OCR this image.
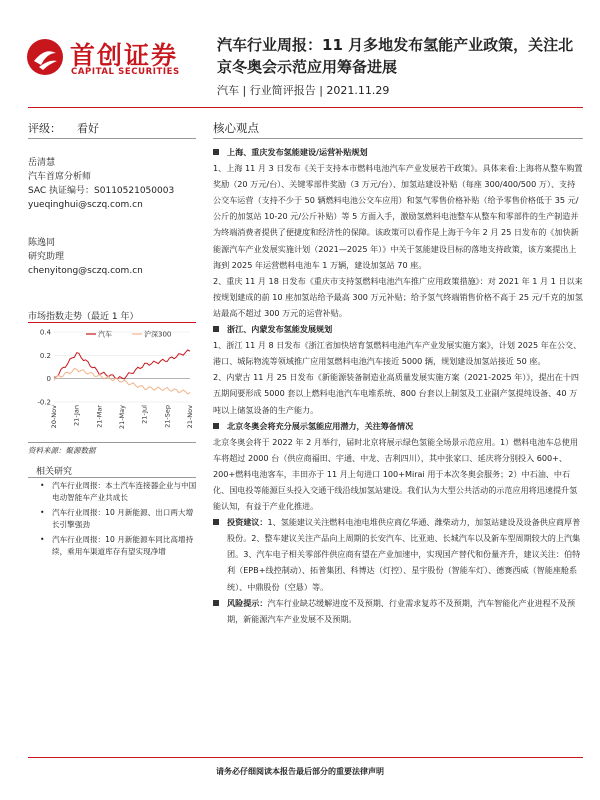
首创证券
CAPITAL SECURITIES
汽车行业周报：11 月多地发布氢能产业政策，关注北京冬奥会示范应用筹备进展
汽车 | 行业简评报告 | 2021.11.29
评级： 看好	核心观点
岳清慧
汽车首席分析师
SAC 执证编号：S0110521050003
yueqinghui@sczq.com.cn
陈逸同
研究助理
chenyitong@sczq.com.cn
市场指数走势（最近 1 年）
0.4
0.2
0
-0.2
20-Nov 21-Jan 21-Mar 21-May 21-Jul 21-Sep 21-Nov
汽车	沪深300
资料来源：聚源数据
相关研究
• 汽车行业周报：本土汽车连接器企业与中国电动智能车产业共成长
• 汽车行业周报：10 月新能源、出口两大增长引擎强劲
• 汽车行业周报：10 月新能源车同比高增持续，乘用车渠道库存有望实现净增
上海、重庆发布氢能建设/运营补贴规划
1、上海 11 月 3 日发布《关于支持本市燃料电池汽车产业发展若干政策》。具体来看:上海将从整车购置奖励（20 万元/台）、关键零部件奖励（3 万元/台）、加氢站建设补贴（每座 300/400/500 万）、支持公交车运营（支持不少于 50 辆燃料电池公交车应用）和氢气零售价格补贴（给予零售价格低于 35 元/公斤的加氢站 10-20 元/公斤补贴）等 5 方面入手，激励氢燃料电池整车从整车和零部件的生产制造并为终端消费者提供了便捷度和经济性的保障。该政策可以看作是上海于今年 2 月 25 日发布的《加快新能源汽车产业发展实施计划（2021—2025 年）》中关于氢能建设目标的落地支持政策，该方案提出上海到 2025 年运营燃料电池车 1 万辆，建设加氢站 70 座。
2、重庆 11 月 18 日发布《重庆市支持氢燃料电池汽车推广应用政策措施》：对 2021 年 1 月 1 日以来按规划建成的前 10 座加氢站给予最高 300 万元补贴；给予氢气终端销售价格不高于 25 元/千克的加氢站最高不超过 300 万元的运营补贴。
浙江、内蒙发布氢能发展规划
1、浙江 11 月 8 日发布《浙江省加快培育氢燃料电池汽车产业发展实施方案》，计划 2025 年在公交、港口、城际物流等领域推广应用氢燃料电池汽车接近 5000 辆，规划建设加氢站接近 50 座。
2、内蒙古 11 月 25 日发布《新能源装备制造业高质量发展实施方案（2021-2025 年）》，提出在十四五期间要形成 5000 套以上燃料电池汽车电堆系统、800 台套以上制氢及工业副产氢提纯设备、40 万吨以上储氢设备的生产能力。
北京冬奥会将充分展示氢能应用潜力，关注筹备情况
北京冬奥会将于 2022 年 2 月举行，届时北京将展示绿色氢能全场景示范应用。1）燃料电池车总使用车将超过 2000 台（供应商福田、宇通、中龙、吉利四川），其中张家口、延庆将分别投入 600+、200+燃料电池客车，丰田亦于 11 月上旬进口 100+Mirai 用于本次冬奥会服务；2）中石油、中石化、国电投等能源巨头投入交通干线沿线加氢站建设。我们认为大型公共活动的示范应用将迅速提升氢能认知，有益于产业化推进。
投资建议：1、氢能建议关注燃料电池电堆供应商亿华通、潍柴动力，加氢站建设及设备供应商厚普股份。2、整车建议关注产品向上周期的长安汽车、比亚迪、长城汽车以及新车型周期较大的上汽集团。3、汽车电子相关零部件供应商有望在产业加速中，实现国产替代和份量齐升，建议关注：伯特利（EPB+线控制动）、拓普集团、科博达（灯控）、星宇股份（智能车灯）、德赛西威（智能座舱系统）、中鼎股份（空悬）等。
风险提示：汽车行业缺芯缓解进度不及预期、行业需求复苏不及预期，汽车智能化产业进程不及预期，新能源汽车产业发展不及预期。
请务必仔细阅读本报告最后部分的重要法律声明
